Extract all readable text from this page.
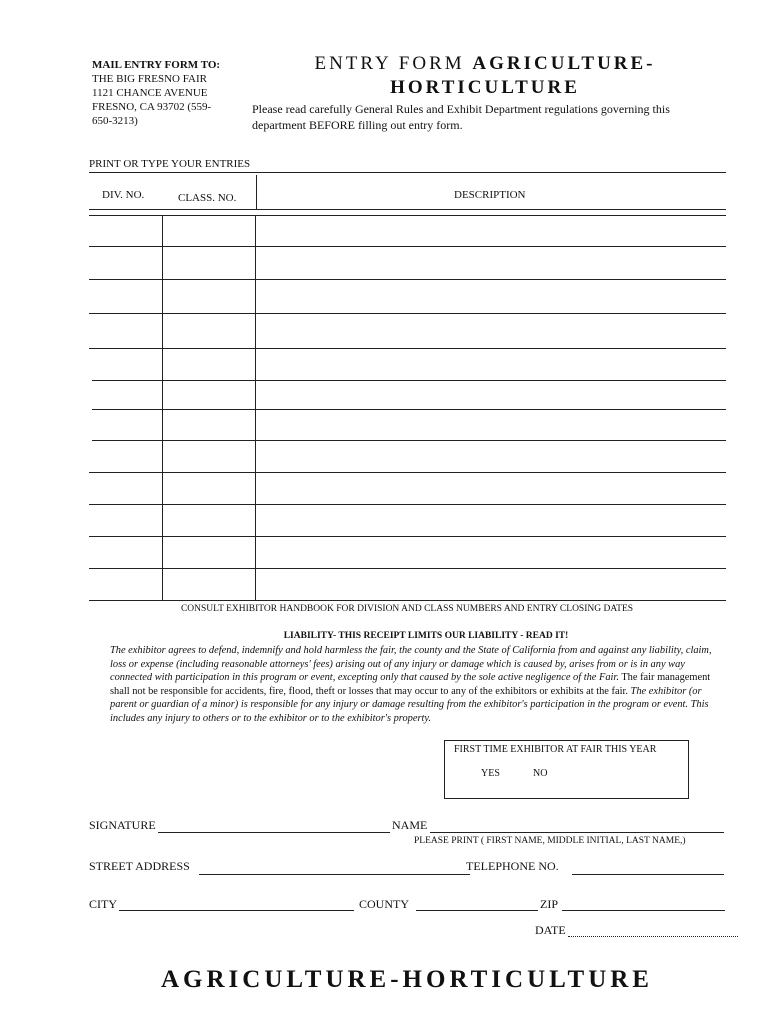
MAIL ENTRY FORM TO:
THE BIG FRESNO FAIR
1121 CHANCE AVENUE
FRESNO, CA 93702 (559-
650-3213)
ENTRY FORM AGRICULTURE-
HORTICULTURE
Please read carefully General Rules and Exhibit Department regulations governing this department BEFORE filling out entry form.
PRINT OR TYPE YOUR ENTRIES
DIV. NO.	CLASS. NO.	DESCRIPTION
CONSULT EXHIBITOR HANDBOOK FOR DIVISION AND CLASS NUMBERS AND ENTRY CLOSING DATES
LIABILITY- THIS RECEIPT LIMITS OUR LIABILITY - READ IT!
The exhibitor agrees to defend, indemnify and hold harmless the fair, the county and the State of California from and against any liability, claim, loss or expense (including reasonable attorneys' fees) arising out of any injury or damage which is caused by, arises from or is in any way connected with participation in this program or event, excepting only that caused by the sole active negligence of the Fair. The fair management shall not be responsible for accidents, fire, flood, theft or losses that may occur to any of the exhibitors or exhibits at the fair. The exhibitor (or parent or guardian of a minor) is responsible for any injury or damage resulting from the exhibitor's participation in the program or event. This includes any injury to others or to the exhibitor or to the exhibitor's property.
FIRST TIME EXHIBITOR AT FAIR THIS YEAR
YES	NO
SIGNATURE	NAME
PLEASE PRINT ( FIRST NAME, MIDDLE INITIAL, LAST NAME,)
STREET ADDRESS	TELEPHONE NO.
CITY	COUNTY	ZIP
DATE
AGRICULTURE-HORTICULTURE
